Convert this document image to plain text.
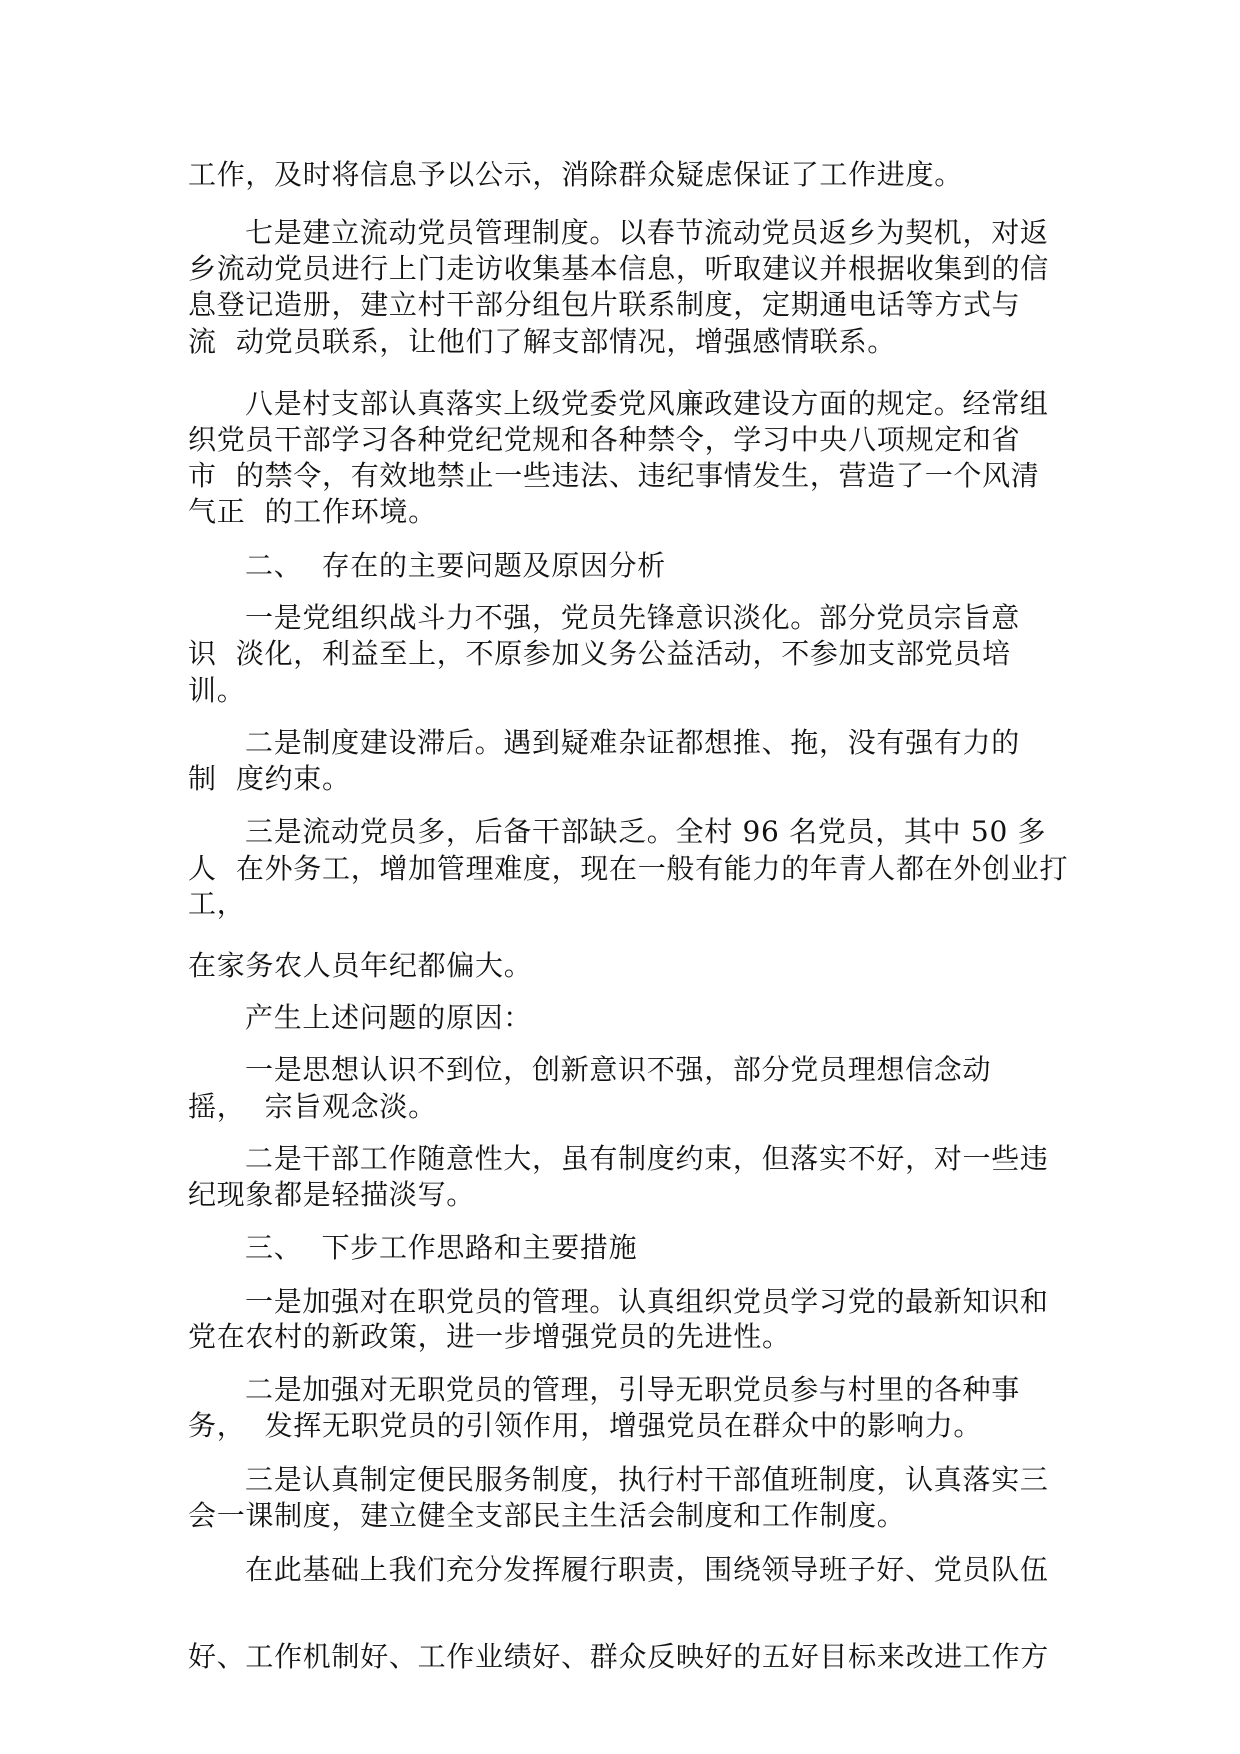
工作，及时将信息予以公示，消除群众疑虑保证了工作进度。
七是建立流动党员管理制度。以春节流动党员返乡为契机，对返
乡流动党员进行上门走访收集基本信息，听取建议并根据收集到的信
息登记造册，建立村干部分组包片联系制度，定期通电话等方式与
流  动党员联系，让他们了解支部情况，增强感情联系。
八是村支部认真落实上级党委党风廉政建设方面的规定。经常组
织党员干部学习各种党纪党规和各种禁令，学习中央八项规定和省
市  的禁令，有效地禁止一些违法、违纪事情发生，营造了一个风清
气正  的工作环境。
二、  存在的主要问题及原因分析
一是党组织战斗力不强，党员先锋意识淡化。部分党员宗旨意
识  淡化，利益至上，不原参加义务公益活动，不参加支部党员培
训。
二是制度建设滞后。遇到疑难杂证都想推、拖，没有强有力的
制  度约束。
三是流动党员多，后备干部缺乏。全村 96 名党员，其中 50 多
人  在外务工，增加管理难度，现在一般有能力的年青人都在外创业打
工，
在家务农人员年纪都偏大。
产生上述问题的原因：
一是思想认识不到位，创新意识不强，部分党员理想信念动
摇，  宗旨观念淡。
二是干部工作随意性大，虽有制度约束，但落实不好，对一些违
纪现象都是轻描淡写。
三、  下步工作思路和主要措施
一是加强对在职党员的管理。认真组织党员学习党的最新知识和
党在农村的新政策，进一步增强党员的先进性。
二是加强对无职党员的管理，引导无职党员参与村里的各种事
务，  发挥无职党员的引领作用，增强党员在群众中的影响力。
三是认真制定便民服务制度，执行村干部值班制度，认真落实三
会一课制度，建立健全支部民主生活会制度和工作制度。
在此基础上我们充分发挥履行职责，围绕领导班子好、党员队伍
好、工作机制好、工作业绩好、群众反映好的五好目标来改进工作方
